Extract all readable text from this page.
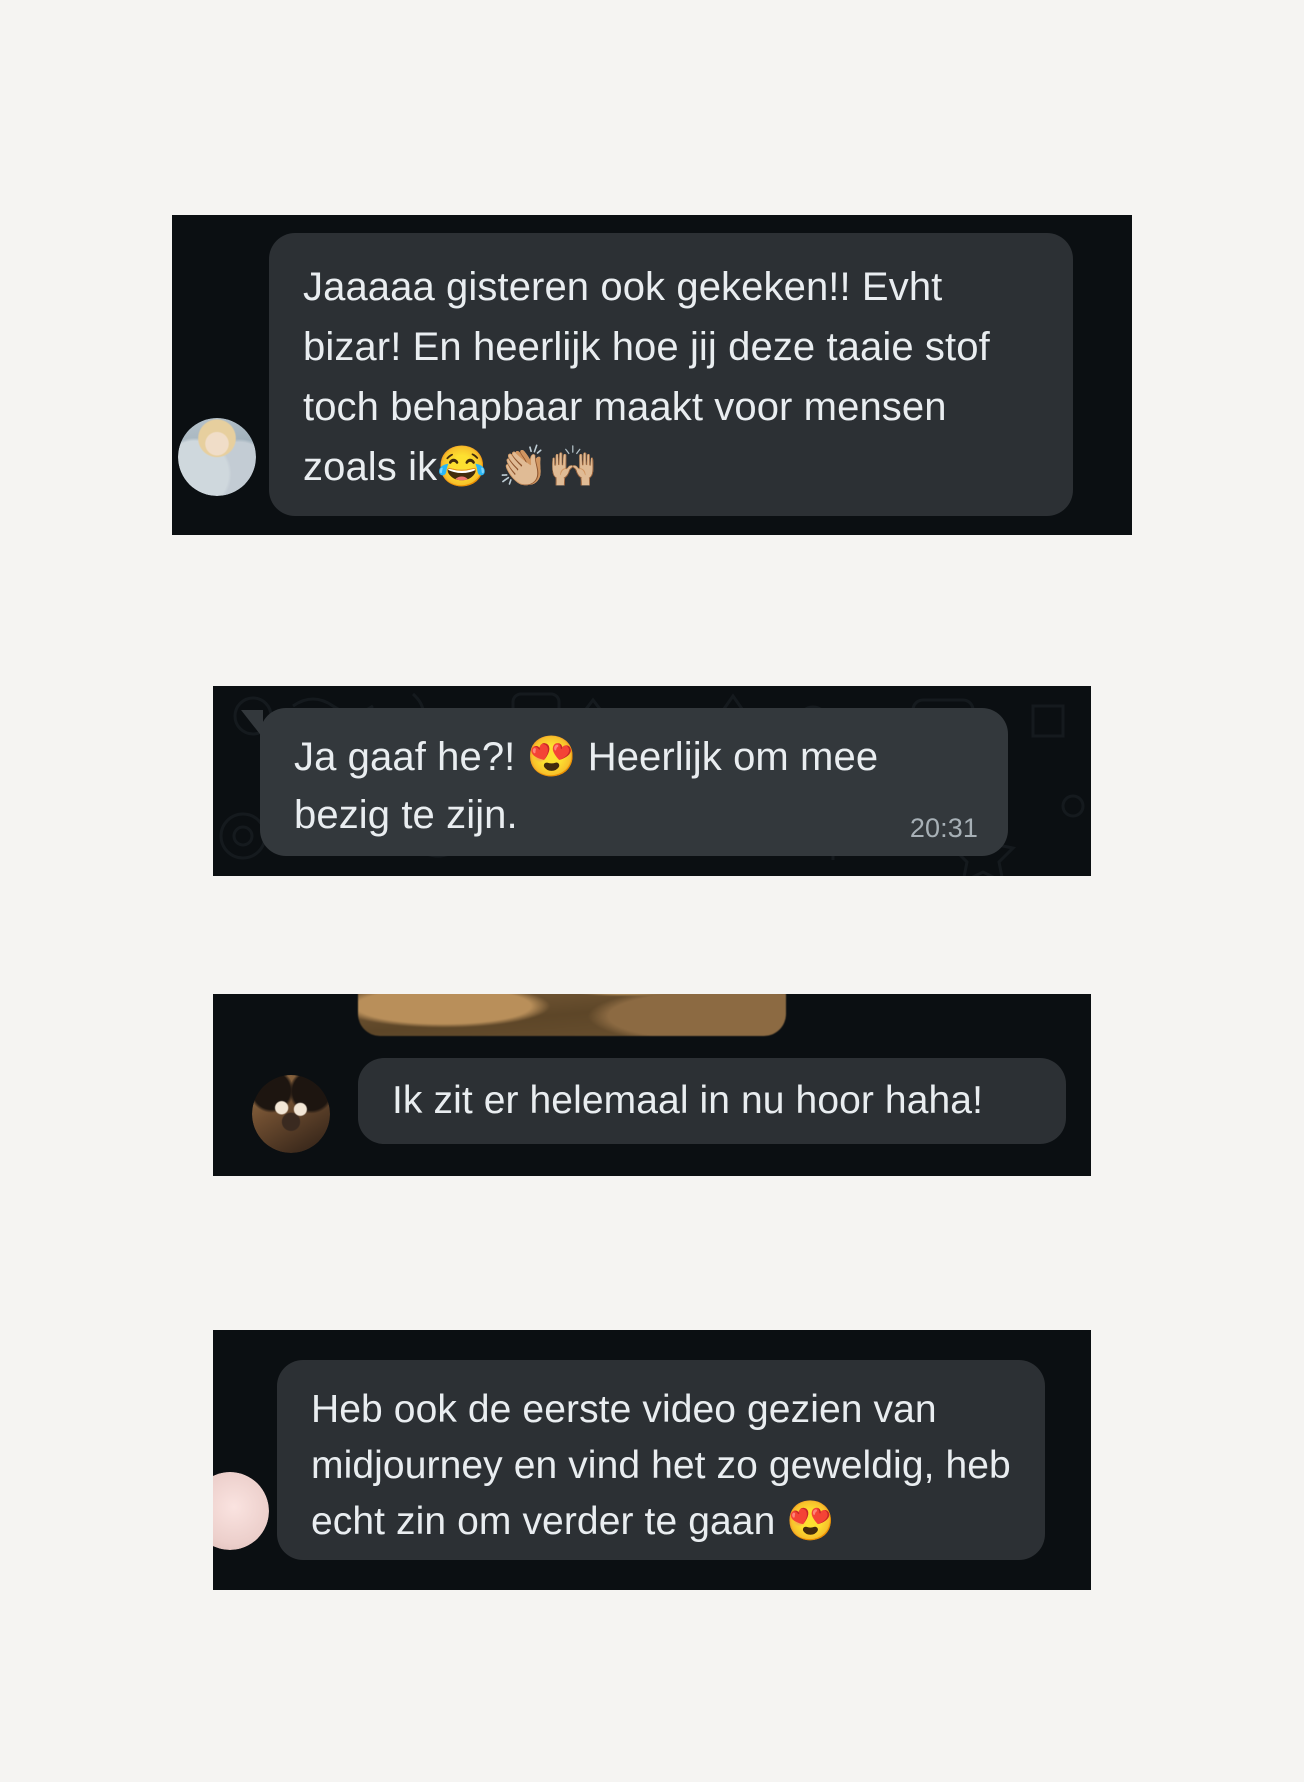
Jaaaaa gisteren ook gekeken!! Evht bizar! En heerlijk hoe jij deze taaie stof toch behapbaar maakt voor mensen zoals ik😂 👏🏼🙌🏼

Ja gaaf he?! 😍 Heerlijk om mee bezig te zijn.	20:31

Ik zit er helemaal in nu hoor haha!

Heb ook de eerste video gezien van midjourney en vind het zo geweldig, heb echt zin om verder te gaan 😍
